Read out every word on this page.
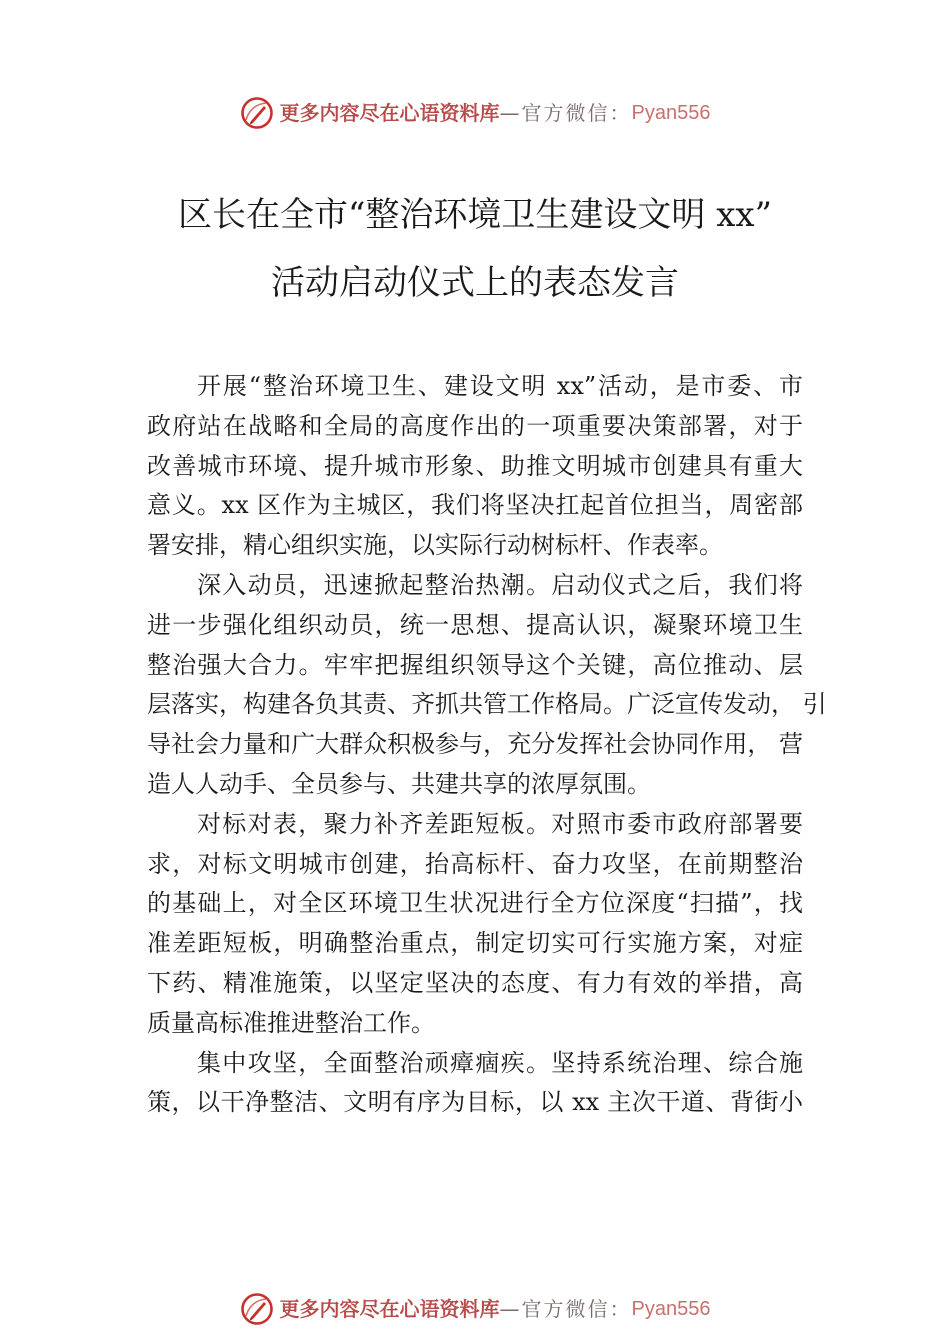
更多内容尽在心语资料库 —官方微信： Pyan556
区长在全市“整治环境卫生建设文明 xx”
活动启动仪式上的表态发言
开展“整治环境卫生、建设文明 xx”活动，是市委、市
政府站在战略和全局的高度作出的一项重要决策部署，对于
改善城市环境、提升城市形象、助推文明城市创建具有重大
意义。xx 区作为主城区，我们将坚决扛起首位担当，周密部
署安排，精心组织实施，以实际行动树标杆、作表率。
深入动员，迅速掀起整治热潮。启动仪式之后，我们将
进一步强化组织动员，统一思想、提高认识，凝聚环境卫生
整治强大合力。牢牢把握组织领导这个关键，高位推动、层
层落实，构建各负其责、齐抓共管工作格局。广泛宣传发动， 引
导社会力量和广大群众积极参与，充分发挥社会协同作用， 营
造人人动手、全员参与、共建共享的浓厚氛围。
对标对表，聚力补齐差距短板。对照市委市政府部署要
求，对标文明城市创建，抬高标杆、奋力攻坚，在前期整治
的基础上，对全区环境卫生状况进行全方位深度“扫描”，找
准差距短板，明确整治重点，制定切实可行实施方案，对症
下药、精准施策，以坚定坚决的态度、有力有效的举措，高
质量高标准推进整治工作。
集中攻坚，全面整治顽瘴痼疾。坚持系统治理、综合施
策，以干净整洁、文明有序为目标，以 xx 主次干道、背街小
更多内容尽在心语资料库 —官方微信： Pyan556
